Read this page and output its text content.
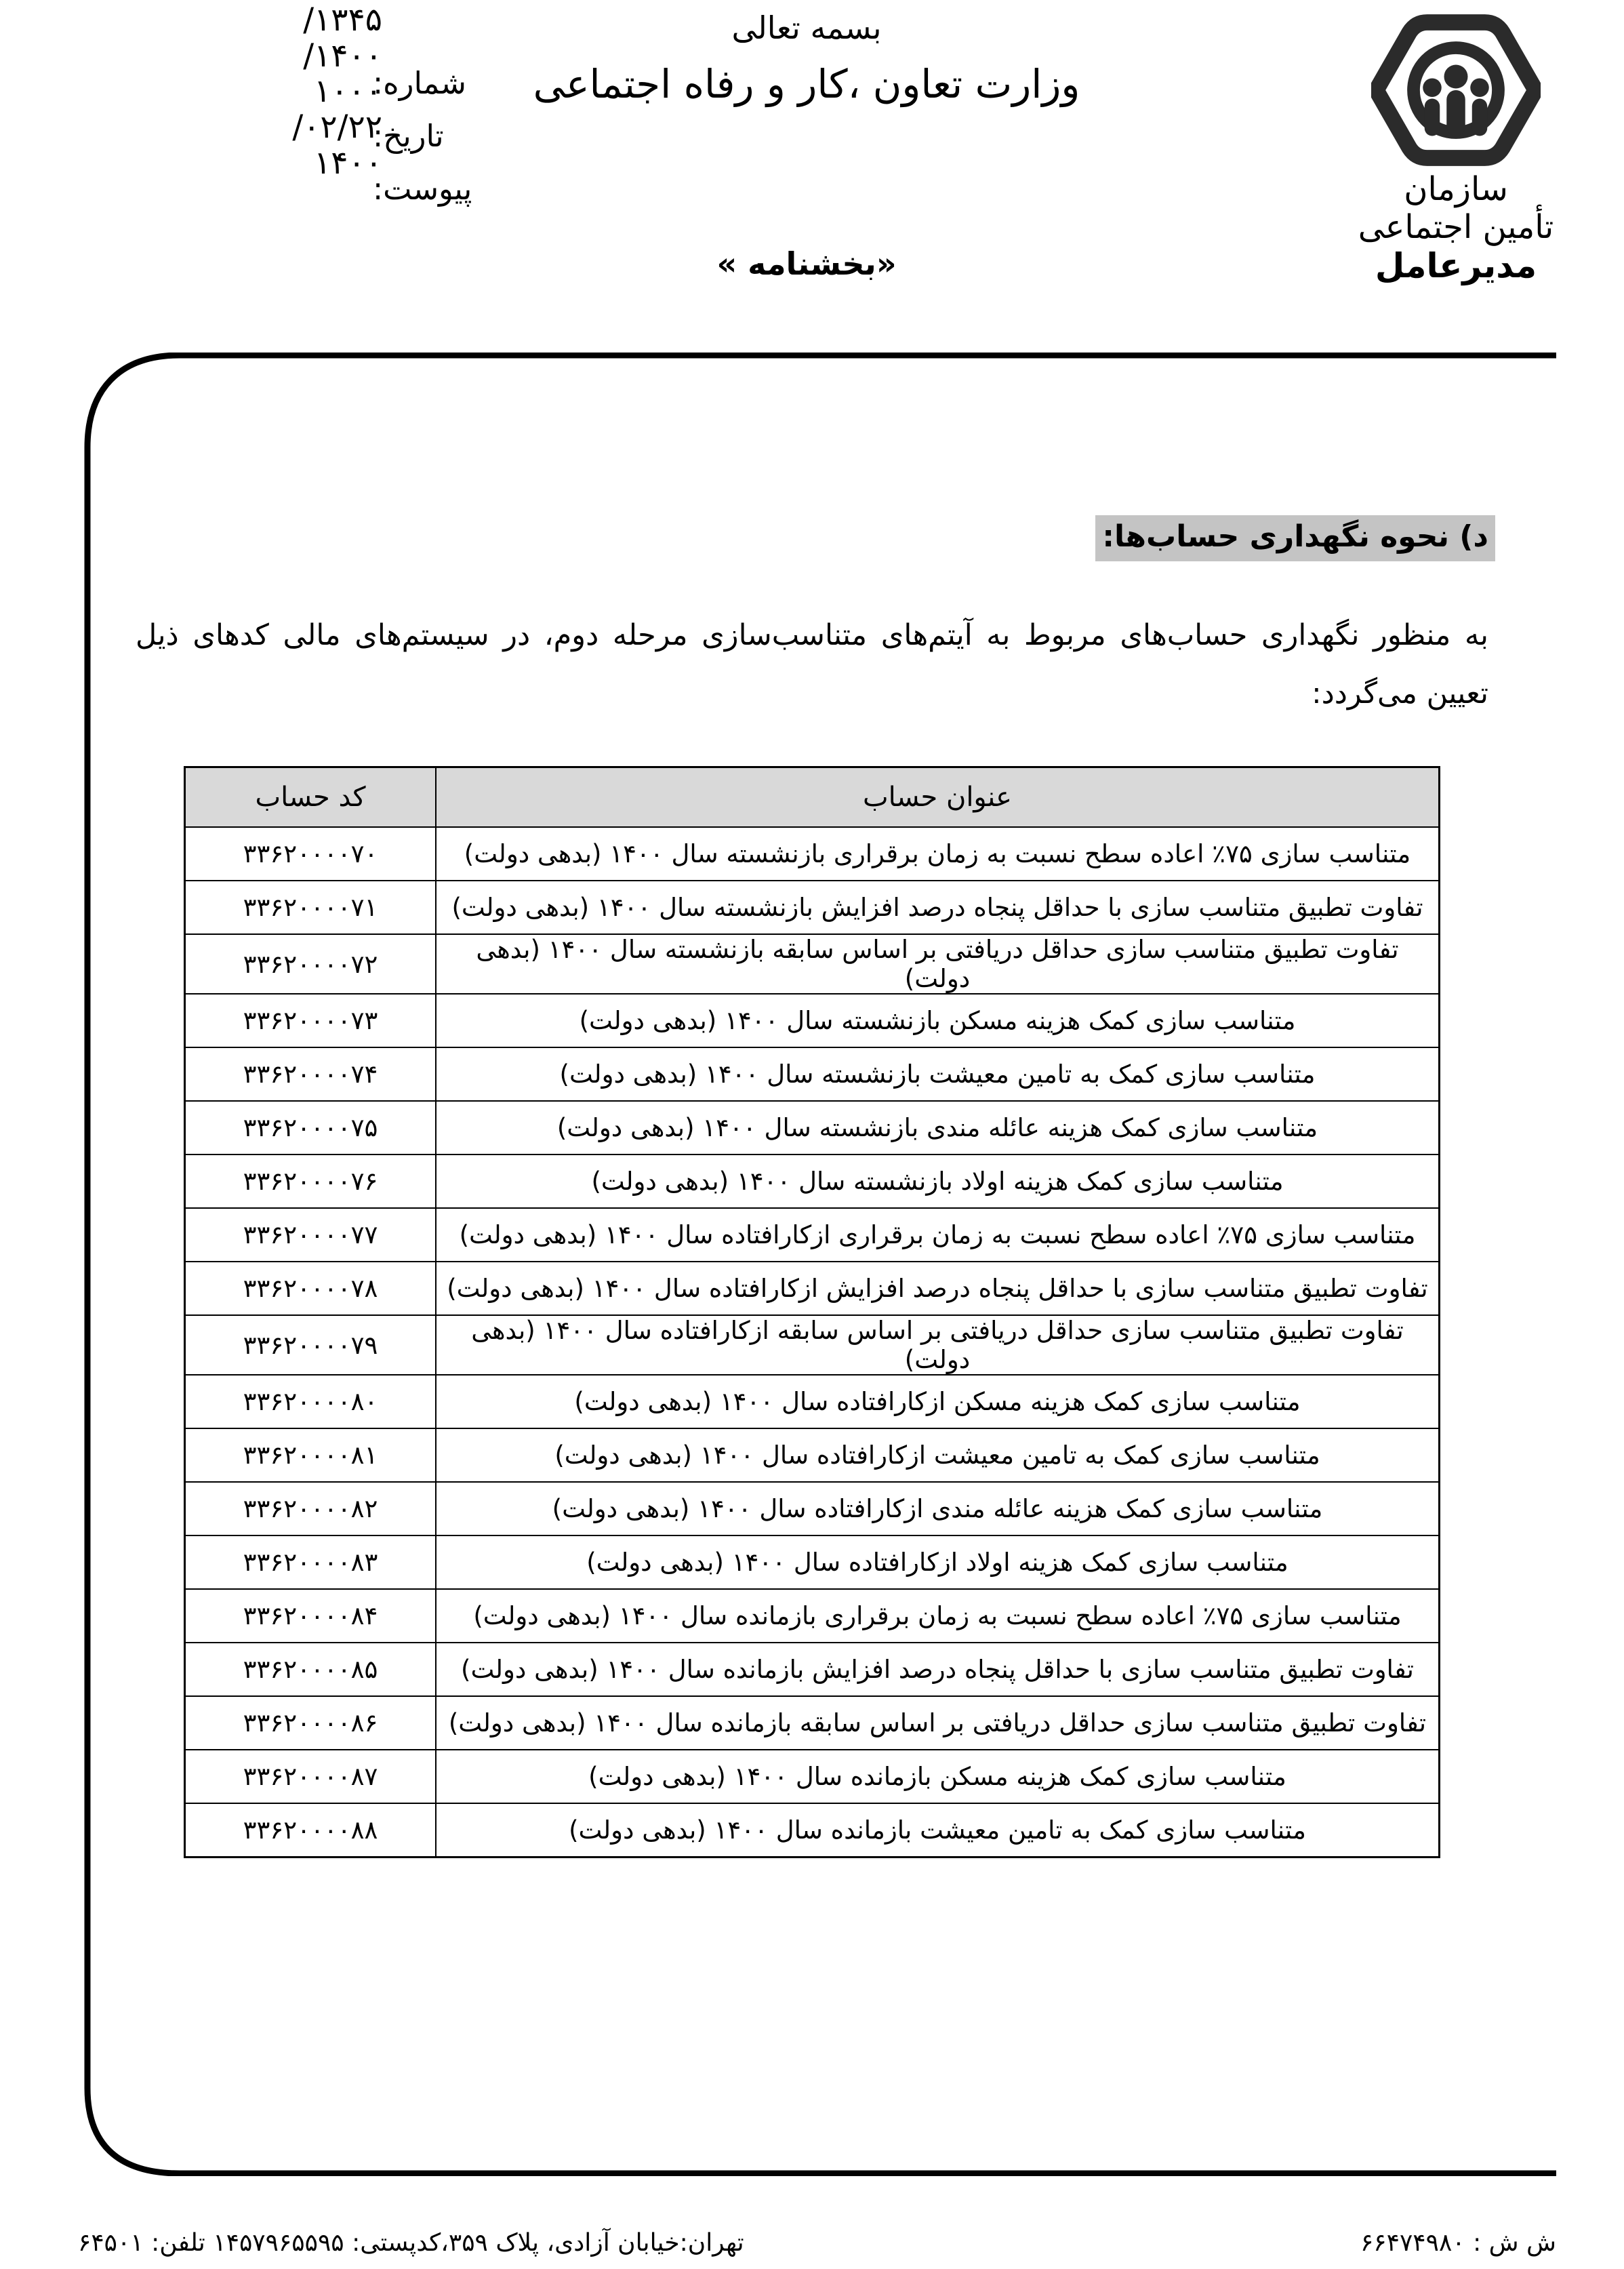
/۱۳۴۵
/۱۴۰۰
۱۰۰۰
/۰۲/۲۲
۱۴۰۰
شماره:
تاریخ:
پیوست:
بسمه تعالی
وزارت تعاون ،کار و رفاه اجتماعی
«بخشنامه »
سازمان
تأمین اجتماعی
مدیرعامل
د) نحوه نگهداری حساب‌ها:

به منظور نگهداری حساب‌های مربوط به آیتم‌های متناسب‌سازی مرحله دوم، در سیستم‌های مالی کدهای ذیل تعیین می‌گردد:

عنوان حساب	کد حساب
متناسب سازی ۷۵٪ اعاده سطح نسبت به زمان برقراری بازنشسته سال ۱۴۰۰ (بدهی دولت)	۳۳۶۲۰۰۰۰۷۰
تفاوت تطبیق متناسب سازی با حداقل پنجاه درصد افزایش بازنشسته سال ۱۴۰۰ (بدهی دولت)	۳۳۶۲۰۰۰۰۷۱
تفاوت تطبیق متناسب سازی حداقل دریافتی بر اساس سابقه بازنشسته سال ۱۴۰۰ (بدهی دولت)	۳۳۶۲۰۰۰۰۷۲
متناسب سازی کمک هزینه مسکن بازنشسته سال ۱۴۰۰ (بدهی دولت)	۳۳۶۲۰۰۰۰۷۳
متناسب سازی کمک به تامین معیشت بازنشسته سال ۱۴۰۰ (بدهی دولت)	۳۳۶۲۰۰۰۰۷۴
متناسب سازی کمک هزینه عائله مندی بازنشسته سال ۱۴۰۰ (بدهی دولت)	۳۳۶۲۰۰۰۰۷۵
متناسب سازی کمک هزینه اولاد بازنشسته سال ۱۴۰۰ (بدهی دولت)	۳۳۶۲۰۰۰۰۷۶
متناسب سازی ۷۵٪ اعاده سطح نسبت به زمان برقراری ازکارافتاده سال ۱۴۰۰ (بدهی دولت)	۳۳۶۲۰۰۰۰۷۷
تفاوت تطبیق متناسب سازی با حداقل پنجاه درصد افزایش ازکارافتاده سال ۱۴۰۰ (بدهی دولت)	۳۳۶۲۰۰۰۰۷۸
تفاوت تطبیق متناسب سازی حداقل دریافتی بر اساس سابقه ازکارافتاده سال ۱۴۰۰ (بدهی دولت)	۳۳۶۲۰۰۰۰۷۹
متناسب سازی کمک هزینه مسکن ازکارافتاده سال ۱۴۰۰ (بدهی دولت)	۳۳۶۲۰۰۰۰۸۰
متناسب سازی کمک به تامین معیشت ازکارافتاده سال ۱۴۰۰ (بدهی دولت)	۳۳۶۲۰۰۰۰۸۱
متناسب سازی کمک هزینه عائله مندی ازکارافتاده سال ۱۴۰۰ (بدهی دولت)	۳۳۶۲۰۰۰۰۸۲
متناسب سازی کمک هزینه اولاد ازکارافتاده سال ۱۴۰۰ (بدهی دولت)	۳۳۶۲۰۰۰۰۸۳
متناسب سازی ۷۵٪ اعاده سطح نسبت به زمان برقراری بازمانده سال ۱۴۰۰ (بدهی دولت)	۳۳۶۲۰۰۰۰۸۴
تفاوت تطبیق متناسب سازی با حداقل پنجاه درصد افزایش بازمانده سال ۱۴۰۰ (بدهی دولت)	۳۳۶۲۰۰۰۰۸۵
تفاوت تطبیق متناسب سازی حداقل دریافتی بر اساس سابقه بازمانده سال ۱۴۰۰ (بدهی دولت)	۳۳۶۲۰۰۰۰۸۶
متناسب سازی کمک هزینه مسکن بازمانده سال ۱۴۰۰ (بدهی دولت)	۳۳۶۲۰۰۰۰۸۷
متناسب سازی کمک به تامین معیشت بازمانده سال ۱۴۰۰ (بدهی دولت)	۳۳۶۲۰۰۰۰۸۸
ش ش : ۶۶۴۷۴۹۸۰
تهران:خیابان آزادی، پلاک ۳۵۹،کدپستی: ۱۴۵۷۹۶۵۵۹۵ تلفن: ۶۴۵۰۱
